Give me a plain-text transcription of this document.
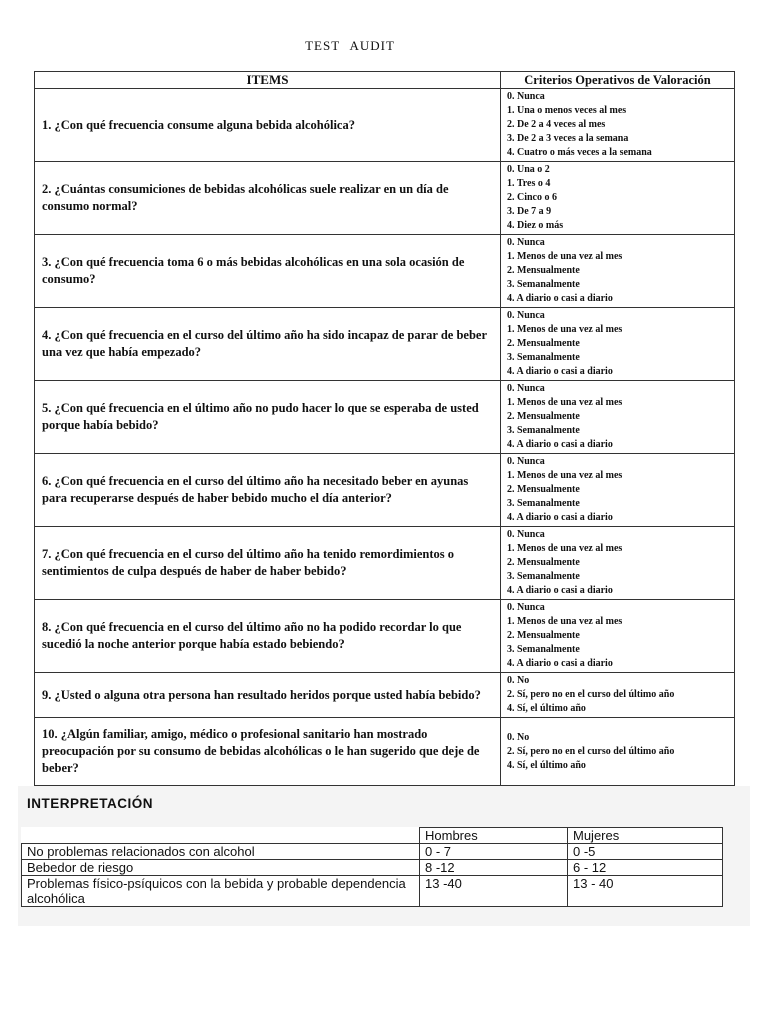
TEST AUDIT
ITEMS	Criterios Operativos de Valoración
1. ¿Con qué frecuencia consume alguna bebida alcohólica?	0. Nunca
1. Una o menos veces al mes
2. De 2 a 4 veces al mes
3. De 2 a 3 veces a la semana
4. Cuatro o más veces a la semana

2. ¿Cuántas consumiciones de bebidas alcohólicas suele realizar en un día de consumo normal?	0. Una o 2
1. Tres o 4
2. Cinco o 6
3. De 7 a 9
4. Diez o más

3. ¿Con qué frecuencia toma 6 o más bebidas alcohólicas en una sola ocasión de consumo?	0. Nunca
1. Menos de una vez al mes
2. Mensualmente
3. Semanalmente
4. A diario o casi a diario

4. ¿Con qué frecuencia en el curso del último año ha sido incapaz de parar de beber una vez que había empezado?	0. Nunca
1. Menos de una vez al mes
2. Mensualmente
3. Semanalmente
4. A diario o casi a diario

5. ¿Con qué frecuencia en el último año no pudo hacer lo que se esperaba de usted porque había bebido?	0. Nunca
1. Menos de una vez al mes
2. Mensualmente
3. Semanalmente
4. A diario o casi a diario

6. ¿Con qué frecuencia en el curso del último año ha necesitado beber en ayunas para recuperarse después de haber bebido mucho el día anterior?	0. Nunca
1. Menos de una vez al mes
2. Mensualmente
3. Semanalmente
4. A diario o casi a diario

7. ¿Con qué frecuencia en el curso del último año ha tenido remordimientos o sentimientos de culpa después de haber de haber bebido?	0. Nunca
1. Menos de una vez al mes
2. Mensualmente
3. Semanalmente
4. A diario o casi a diario

8. ¿Con qué frecuencia en el curso del último año no ha podido recordar lo que sucedió la noche anterior porque había estado bebiendo?	0. Nunca
1. Menos de una vez al mes
2. Mensualmente
3. Semanalmente
4. A diario o casi a diario

9. ¿Usted o alguna otra persona han resultado heridos porque usted había bebido?	0. No
2. Sí, pero no en el curso del último año
4. Sí, el último año

10. ¿Algún familiar, amigo, médico o profesional sanitario han mostrado preocupación por su consumo de bebidas alcohólicas o le han sugerido que deje de beber?	0. No
2. Sí, pero no en el curso del último año
4. Sí, el último año
INTERPRETACIÓN
	Hombres	Mujeres
No problemas relacionados con alcohol	0 - 7	0 -5
Bebedor de riesgo	8 -12	6 - 12
Problemas físico-psíquicos con la bebida y probable dependencia alcohólica	13 -40	13 - 40
